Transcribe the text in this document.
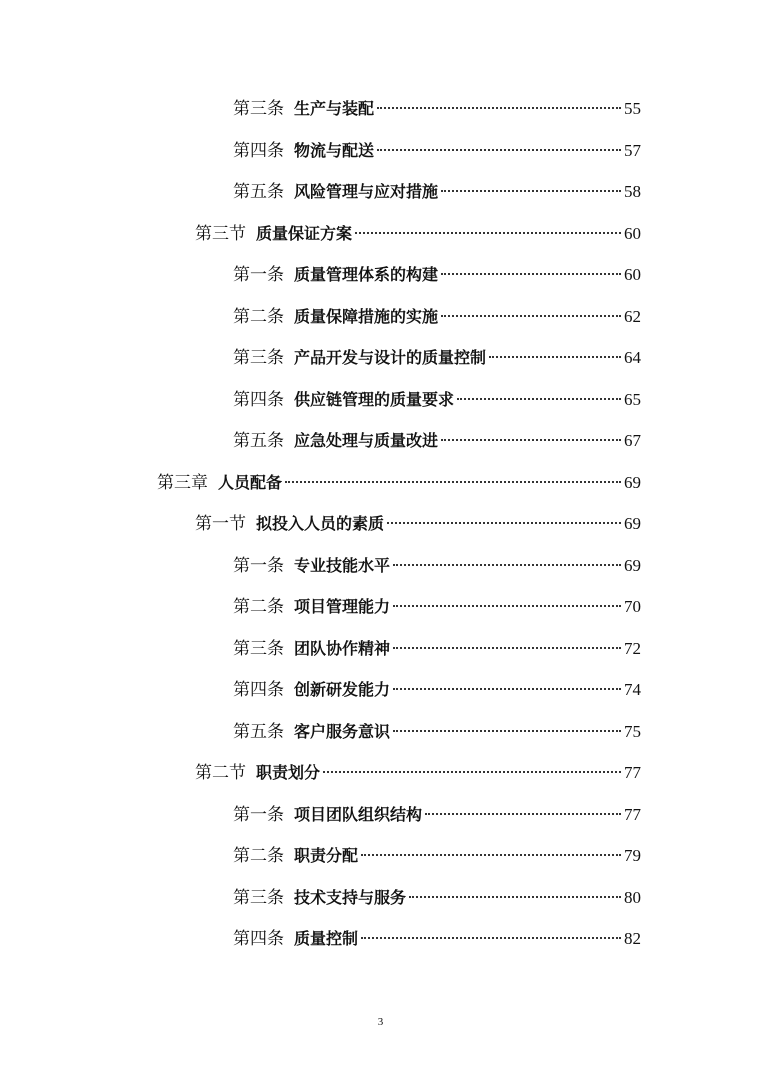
第三条 生产与装配	55
第四条 物流与配送	57
第五条 风险管理与应对措施	58
第三节 质量保证方案	60
第一条 质量管理体系的构建	60
第二条 质量保障措施的实施	62
第三条 产品开发与设计的质量控制	64
第四条 供应链管理的质量要求	65
第五条 应急处理与质量改进	67
第三章 人员配备	69
第一节 拟投入人员的素质	69
第一条 专业技能水平	69
第二条 项目管理能力	70
第三条 团队协作精神	72
第四条 创新研发能力	74
第五条 客户服务意识	75
第二节 职责划分	77
第一条 项目团队组织结构	77
第二条 职责分配	79
第三条 技术支持与服务	80
第四条 质量控制	82
3
